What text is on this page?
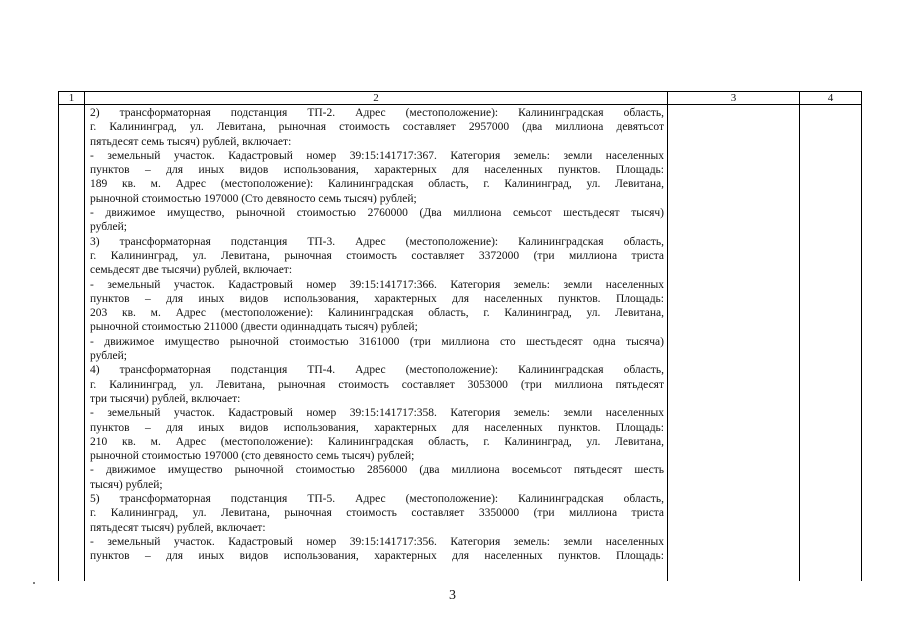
1	2	3	4
2) трансформаторная подстанция ТП-2. Адрес (местоположение): Калининградская область,
г. Калининград, ул. Левитана, рыночная стоимость составляет 2957000 (два миллиона девятьсот
пятьдесят семь тысяч) рублей, включает:
- земельный участок. Кадастровый номер 39:15:141717:367. Категория земель: земли населенных
пунктов – для иных видов использования, характерных для населенных пунктов. Площадь:
189 кв. м. Адрес (местоположение): Калининградская область, г. Калининград, ул. Левитана,
рыночной стоимостью 197000 (Сто девяносто семь тысяч) рублей;
- движимое имущество, рыночной стоимостью 2760000 (Два миллиона семьсот шестьдесят тысяч)
рублей;
3) трансформаторная подстанция ТП-3. Адрес (местоположение): Калининградская область,
г. Калининград, ул. Левитана, рыночная стоимость составляет 3372000 (три миллиона триста
семьдесят две тысячи) рублей, включает:
- земельный участок. Кадастровый номер 39:15:141717:366. Категория земель: земли населенных
пунктов – для иных видов использования, характерных для населенных пунктов. Площадь:
203 кв. м. Адрес (местоположение): Калининградская область, г. Калининград, ул. Левитана,
рыночной стоимостью 211000 (двести одиннадцать тысяч) рублей;
- движимое имущество рыночной стоимостью 3161000 (три миллиона сто шестьдесят одна тысяча)
рублей;
4) трансформаторная подстанция ТП-4. Адрес (местоположение): Калининградская область,
г. Калининград, ул. Левитана, рыночная стоимость составляет 3053000 (три миллиона пятьдесят
три тысячи) рублей, включает:
- земельный участок. Кадастровый номер 39:15:141717:358. Категория земель: земли населенных
пунктов – для иных видов использования, характерных для населенных пунктов. Площадь:
210 кв. м. Адрес (местоположение): Калининградская область, г. Калининград, ул. Левитана,
рыночной стоимостью 197000 (сто девяносто семь тысяч) рублей;
- движимое имущество рыночной стоимостью 2856000 (два миллиона восемьсот пятьдесят шесть
тысяч) рублей;
5) трансформаторная подстанция ТП-5. Адрес (местоположение): Калининградская область,
г. Калининград, ул. Левитана, рыночная стоимость составляет 3350000 (три миллиона триста
пятьдесят тысяч) рублей, включает:
- земельный участок. Кадастровый номер 39:15:141717:356. Категория земель: земли населенных
пунктов – для иных видов использования, характерных для населенных пунктов. Площадь:
3
